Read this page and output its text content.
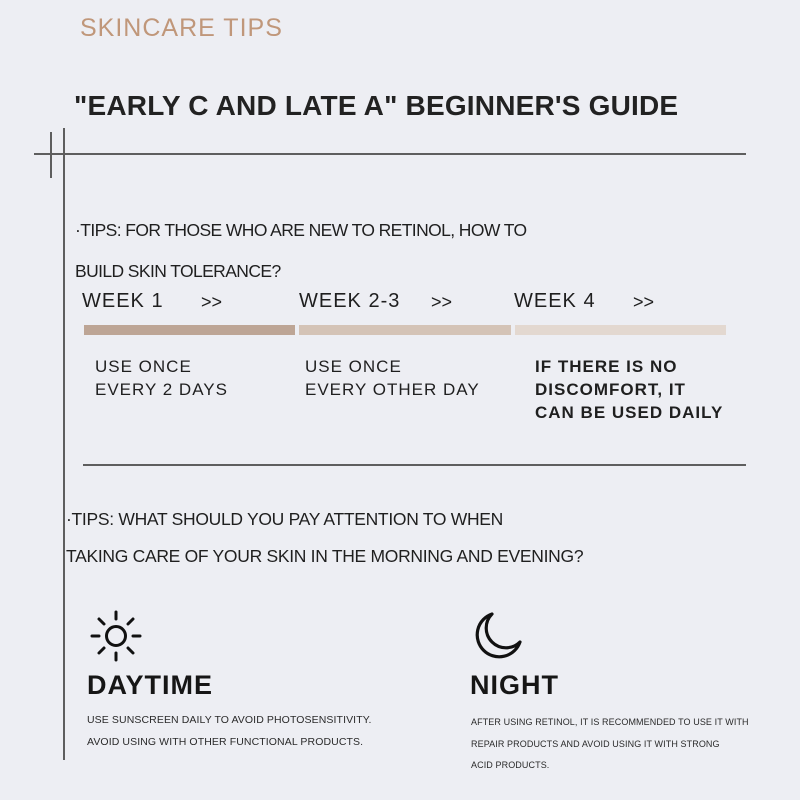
SKINCARE TIPS
"EARLY C AND LATE A" BEGINNER'S GUIDE
·TIPS: FOR THOSE WHO ARE NEW TO RETINOL, HOW TO
BUILD SKIN TOLERANCE?
WEEK 1 >>
USE ONCE
EVERY 2 DAYS
WEEK 2-3 >>
USE ONCE
EVERY OTHER DAY
WEEK 4 >>
IF THERE IS NO
DISCOMFORT, IT
CAN BE USED DAILY
·TIPS: WHAT SHOULD YOU PAY ATTENTION TO WHEN
TAKING CARE OF YOUR SKIN IN THE MORNING AND EVENING?
DAYTIME
USE SUNSCREEN DAILY TO AVOID PHOTOSENSITIVITY.
AVOID USING WITH OTHER FUNCTIONAL PRODUCTS.
NIGHT
AFTER USING RETINOL, IT IS RECOMMENDED TO USE IT WITH
REPAIR PRODUCTS AND AVOID USING IT WITH STRONG
ACID PRODUCTS.
